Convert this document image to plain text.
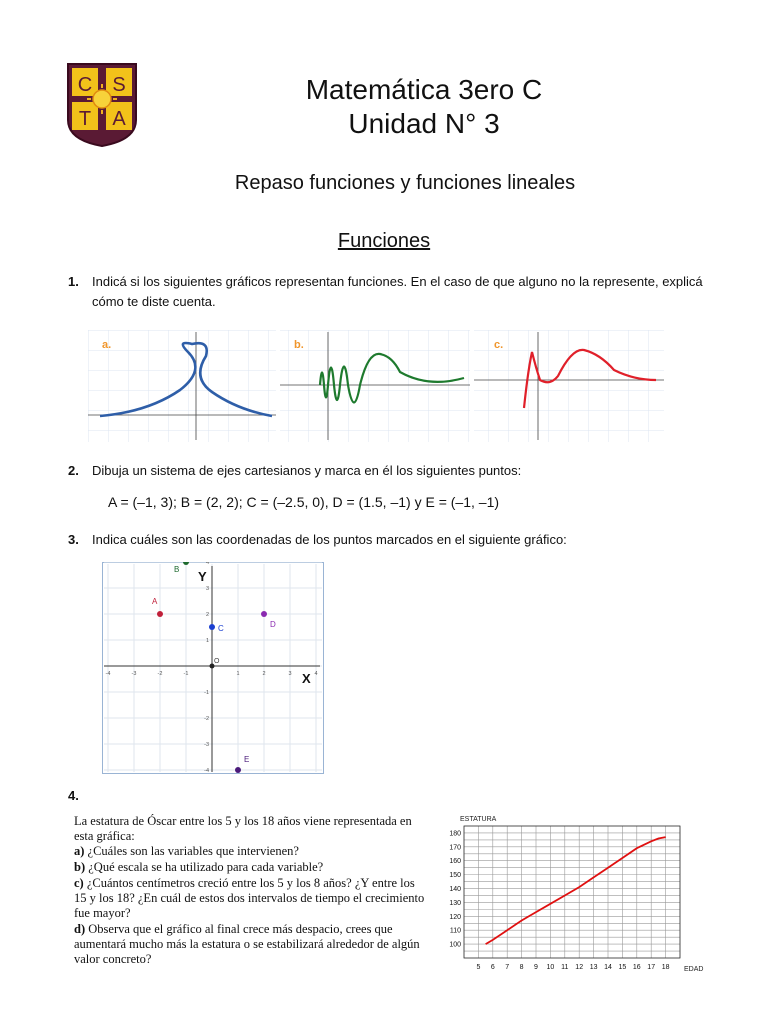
C S
T A
Matemática 3ero C
Unidad N° 3
Repaso funciones y funciones lineales
Funciones
1. Indicá si los siguientes gráficos representan funciones. En el caso de que alguno no la represente, explicá cómo te diste cuenta.
a.	b.	c.
2. Dibuja un sistema de ejes cartesianos y marca en él los siguientes puntos:
A = (–1, 3); B = (2, 2); C = (–2.5, 0), D = (1.5, –1) y E = (–1, –1)
3. Indica cuáles son las coordenadas de los puntos marcados en el siguiente gráfico:
-4
-4
-3
-3
-2
-2
-1
-1
1
1
2
2
3
3
4
4
X
Y
O
A
B
C	D
E
4.
La estatura de Óscar entre los 5 y los 18 años viene representada en esta gráfica:
a) ¿Cuáles son las variables que intervienen?
b) ¿Qué escala se ha utilizado para cada variable?
c) ¿Cuántos centímetros creció entre los 5 y los 8 años? ¿Y entre los 15 y los 18? ¿En cuál de estos dos intervalos de tiempo el crecimiento fue mayor?
d) Observa que el gráfico al final crece más despacio, crees que aumentará mucho más la estatura o se estabilizará alrededor de algún valor concreto?
ESTATURA
EDAD
5 6 7 8 9 10 11 12 13 14 15 16 17 18
100
110
120
130
140
150
160
170
180
